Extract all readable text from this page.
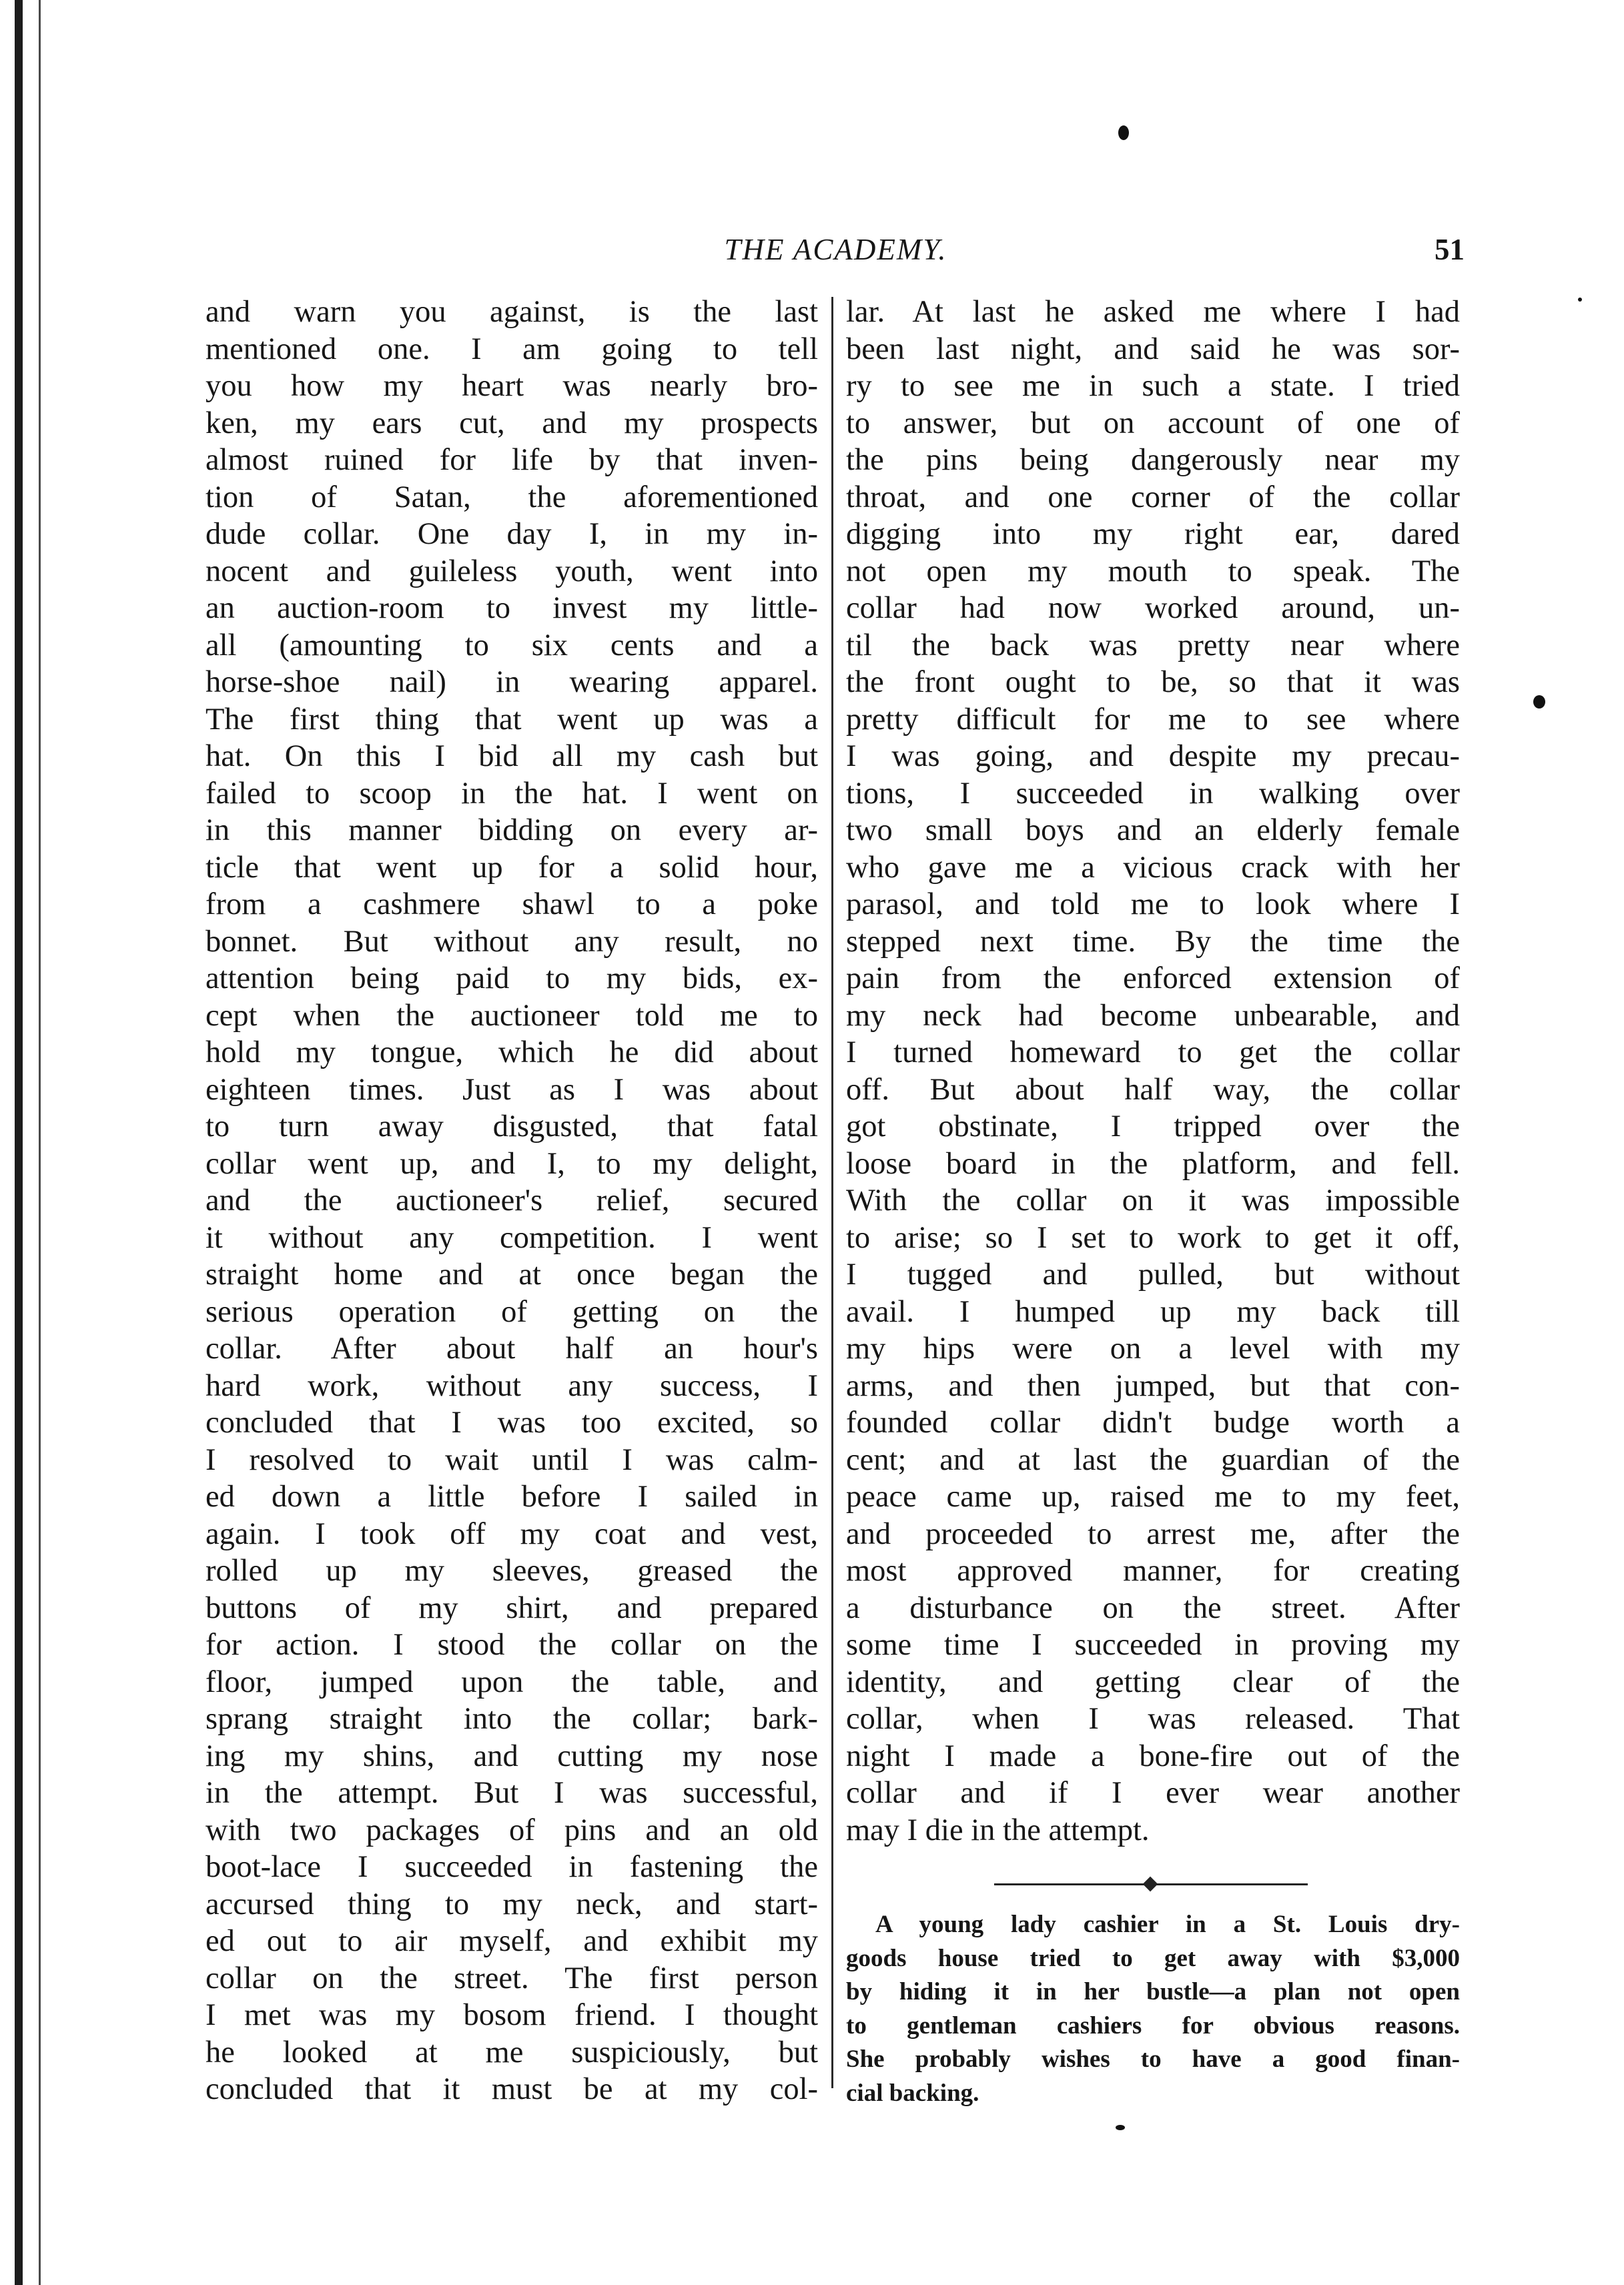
THE ACADEMY.	51

and warn you against, is the last

mentioned one. I am going to tell

you how my heart was nearly bro-

ken, my ears cut, and my prospects

almost ruined for life by that inven-

tion of Satan, the aforementioned

dude collar. One day I, in my in-

nocent and guileless youth, went into

an auction-room to invest my little-

all (amounting to six cents and a

horse-shoe nail) in wearing apparel.

The first thing that went up was a

hat. On this I bid all my cash but

failed to scoop in the hat. I went on

in this manner bidding on every ar-

ticle that went up for a solid hour,

from a cashmere shawl to a poke

bonnet. But without any result, no

attention being paid to my bids, ex-

cept when the auctioneer told me to

hold my tongue, which he did about

eighteen times. Just as I was about

to turn away disgusted, that fatal

collar went up, and I, to my delight,

and the auctioneer's relief, secured

it without any competition. I went

straight home and at once began the

serious operation of getting on the

collar. After about half an hour's

hard work, without any success, I

concluded that I was too excited, so

I resolved to wait until I was calm-

ed down a little before I sailed in

again. I took off my coat and vest,

rolled up my sleeves, greased the

buttons of my shirt, and prepared

for action. I stood the collar on the

floor, jumped upon the table, and

sprang straight into the collar; bark-

ing my shins, and cutting my nose

in the attempt. But I was successful,

with two packages of pins and an old

boot-lace I succeeded in fastening the

accursed thing to my neck, and start-

ed out to air myself, and exhibit my

collar on the street. The first person

I met was my bosom friend. I thought

he looked at me suspiciously, but

concluded that it must be at my col-

lar. At last he asked me where I had

been last night, and said he was sor-

ry to see me in such a state. I tried

to answer, but on account of one of

the pins being dangerously near my

throat, and one corner of the collar

digging into my right ear, dared

not open my mouth to speak. The

collar had now worked around, un-

til the back was pretty near where

the front ought to be, so that it was

pretty difficult for me to see where

I was going, and despite my precau-

tions, I succeeded in walking over

two small boys and an elderly female

who gave me a vicious crack with her

parasol, and told me to look where I

stepped next time. By the time the

pain from the enforced extension of

my neck had become unbearable, and

I turned homeward to get the collar

off. But about half way, the collar

got obstinate, I tripped over the

loose board in the platform, and fell.

With the collar on it was impossible

to arise; so I set to work to get it off,

I tugged and pulled, but without

avail. I humped up my back till

my hips were on a level with my

arms, and then jumped, but that con-

founded collar didn't budge worth a

cent; and at last the guardian of the

peace came up, raised me to my feet,

and proceeded to arrest me, after the

most approved manner, for creating

a disturbance on the street. After

some time I succeeded in proving my

identity, and getting clear of the

collar, when I was released. That

night I made a bone-fire out of the

collar and if I ever wear another

may I die in the attempt.

A young lady cashier in a St. Louis dry-

goods house tried to get away with $3,000

by hiding it in her bustle—a plan not open

to gentleman cashiers for obvious reasons.

She probably wishes to have a good finan-

cial backing.
